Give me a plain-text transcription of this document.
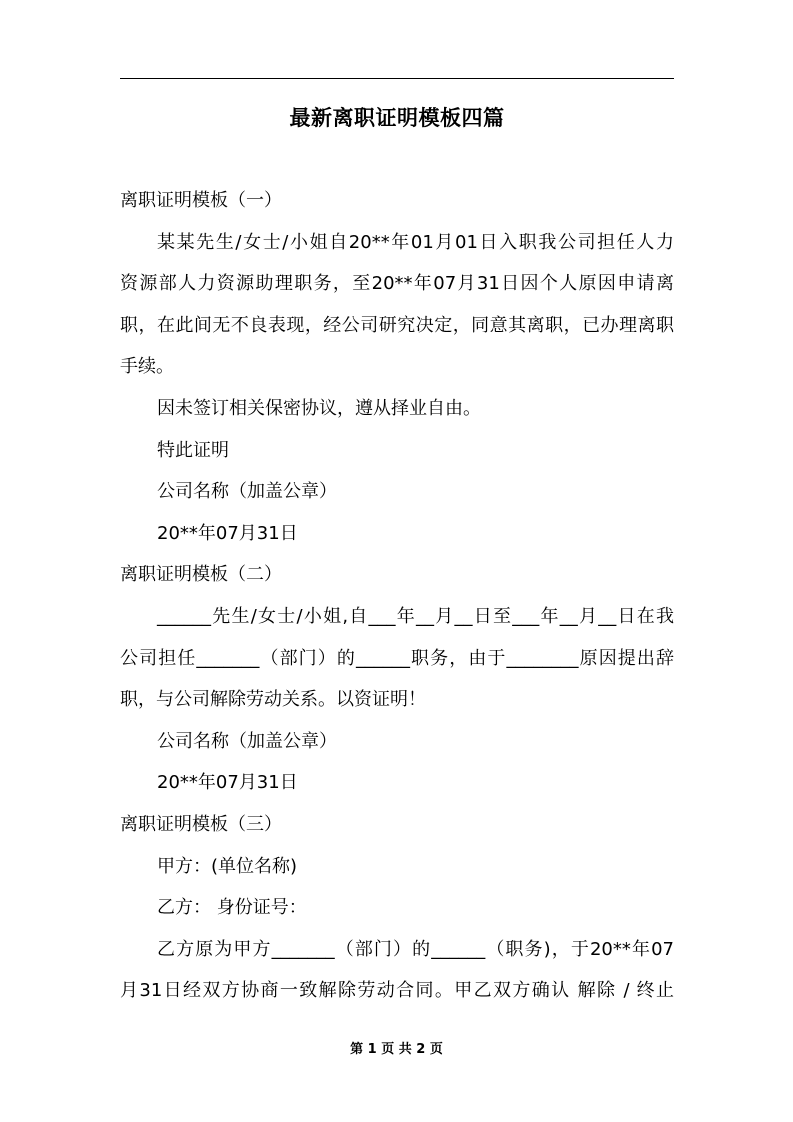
最新离职证明模板四篇

离职证明模板（一）

某某先生/女士/小姐自20**年01月01日入职我公司担任人力

资源部人力资源助理职务，至20**年07月31日因个人原因申请离

职，在此间无不良表现，经公司研究决定，同意其离职，已办理离职

手续。

因未签订相关保密协议，遵从择业自由。

特此证明

公司名称（加盖公章）

20**年07月31日

离职证明模板（二）

______先生/女士/小姐,自___年__月__日至___年__月__日在我

公司担任_______（部门）的______职务，由于________原因提出辞

职，与公司解除劳动关系。以资证明！

公司名称（加盖公章）

20**年07月31日

离职证明模板（三）

甲方：(单位名称)

乙方： 身份证号：

乙方原为甲方_______（部门）的______（职务)，于20**年07

月31日经双方协商一致解除劳动合同。甲乙双方确认 解除 / 终止

第 1 页 共 2 页
